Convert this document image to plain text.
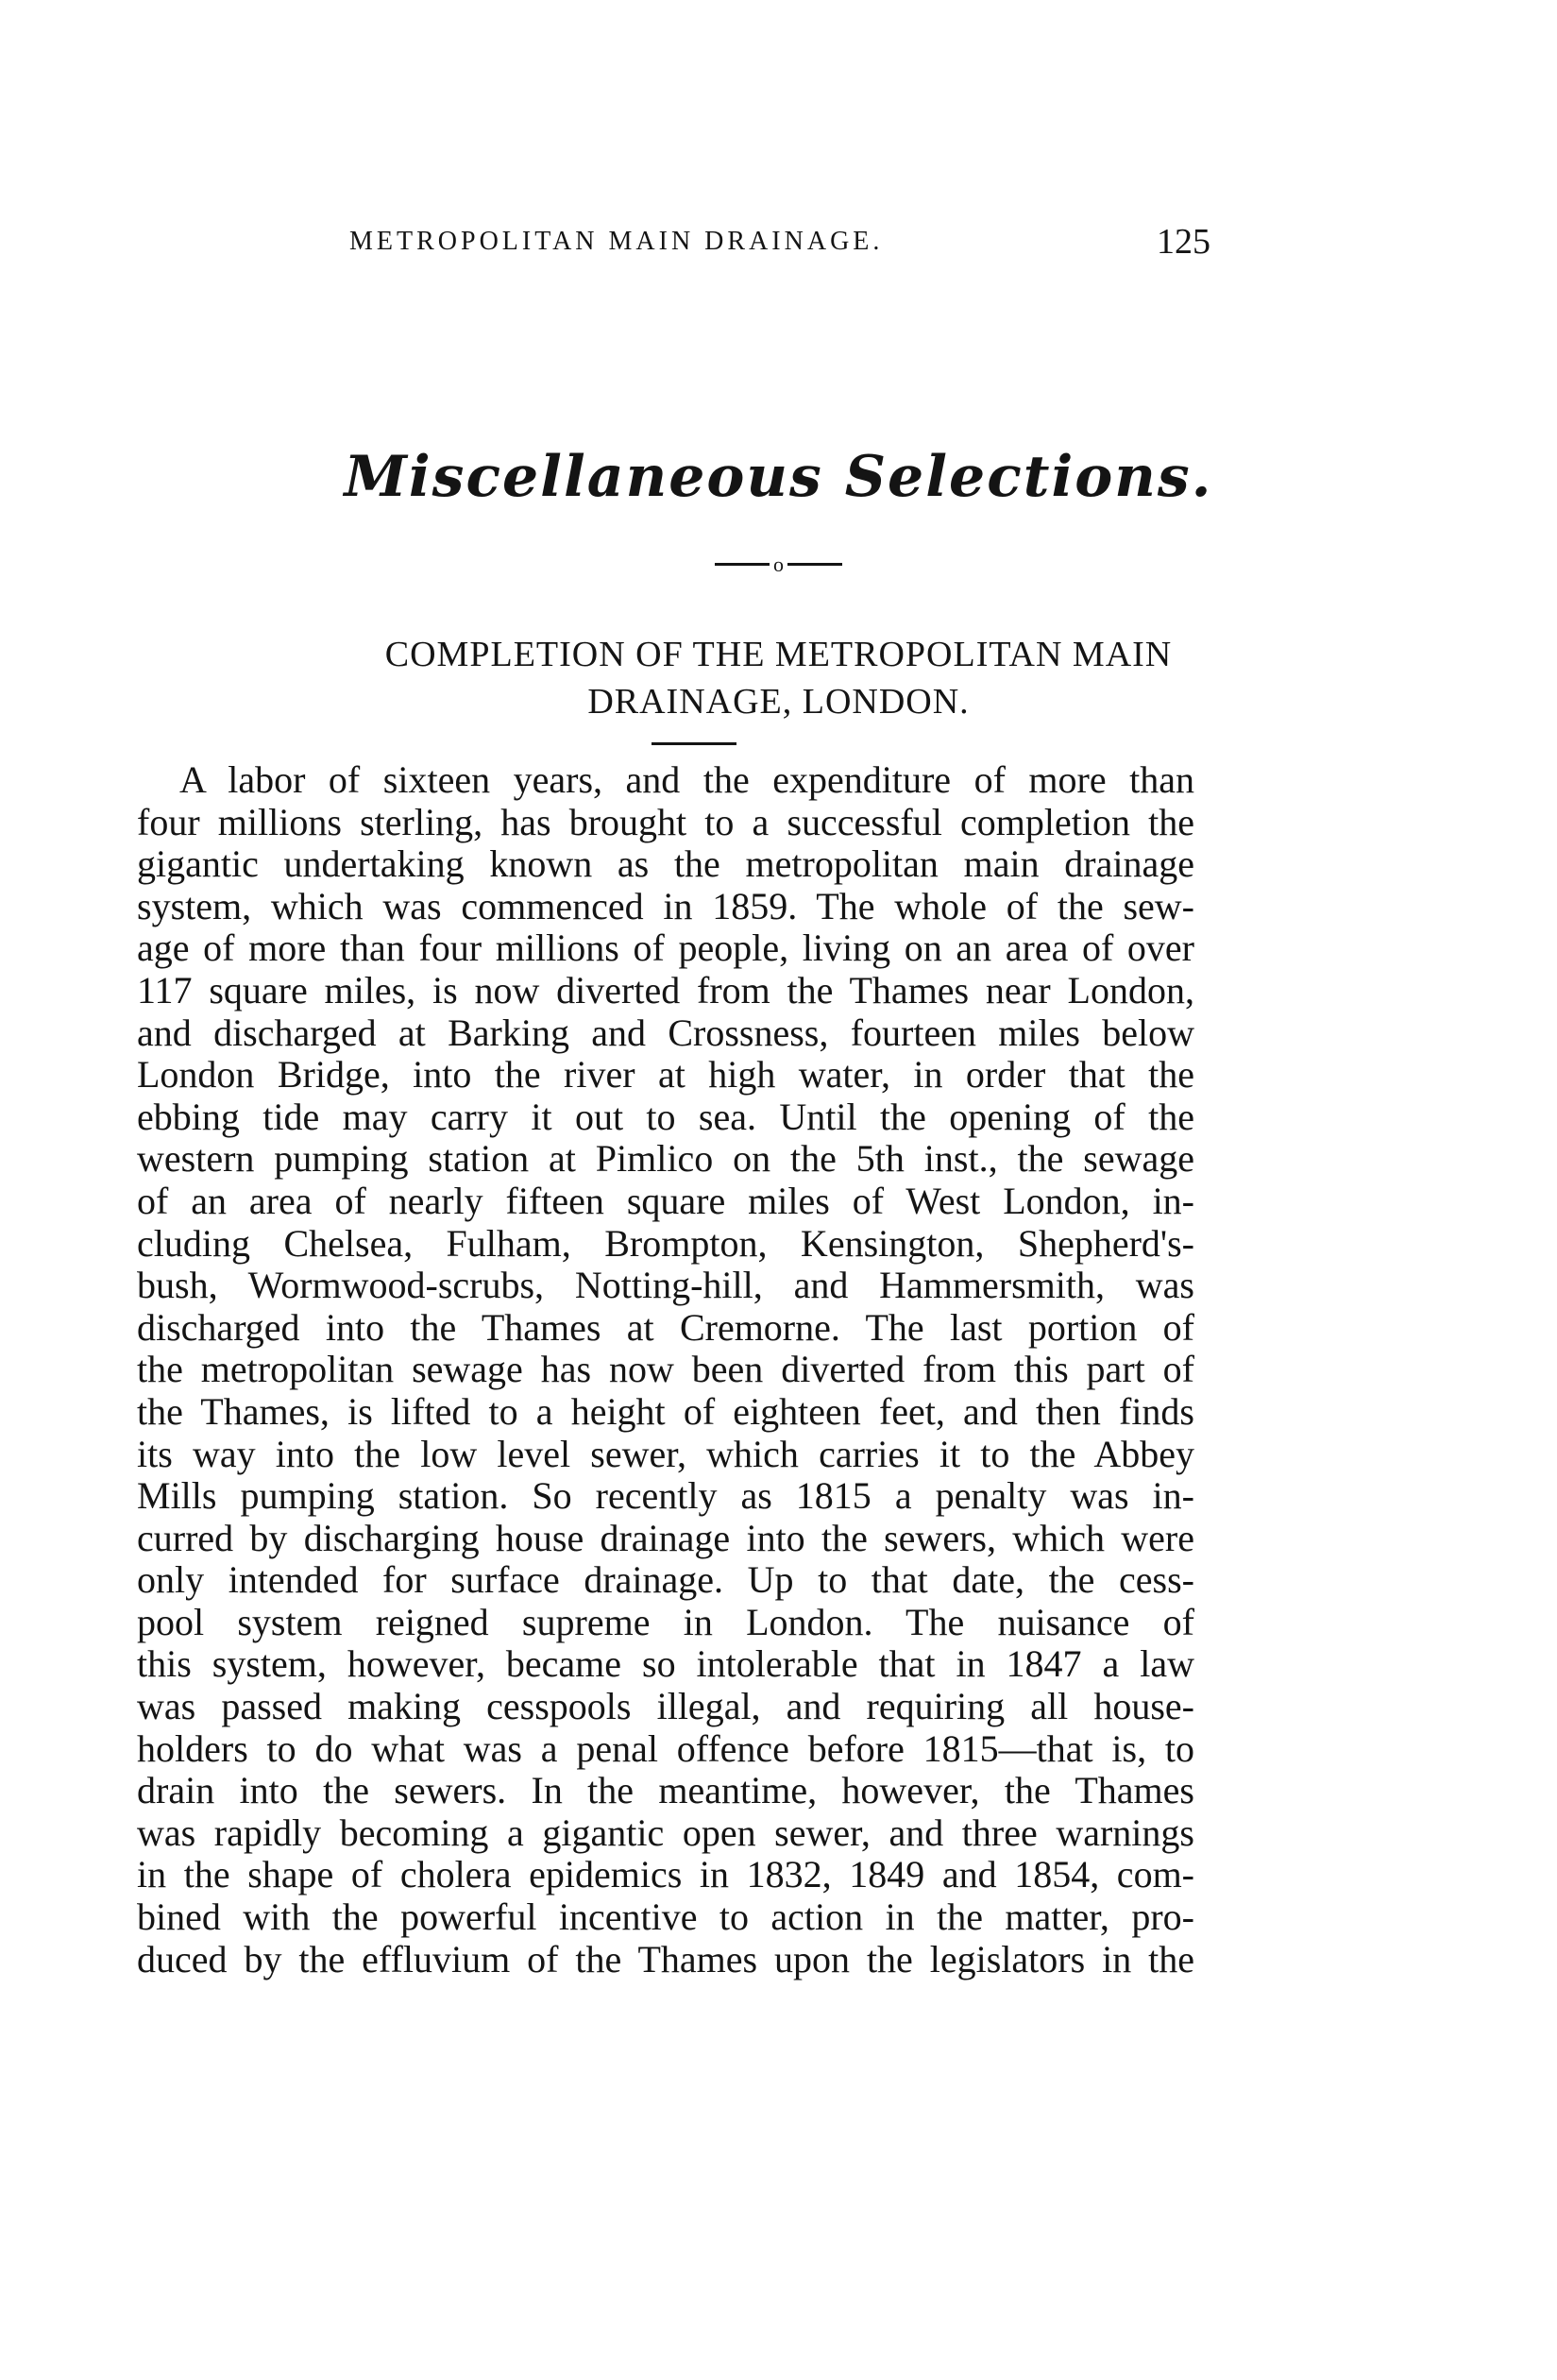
METROPOLITAN MAIN DRAINAGE.	125
Miscellaneous Selections.
o
COMPLETION OF THE METROPOLITAN MAIN
DRAINAGE, LONDON.
A labor of sixteen years, and the expenditure of more than
four millions sterling, has brought to a successful completion the
gigantic undertaking known as the metropolitan main drainage
system, which was commenced in 1859. The whole of the sew-
age of more than four millions of people, living on an area of over
117 square miles, is now diverted from the Thames near London,
and discharged at Barking and Crossness, fourteen miles below
London Bridge, into the river at high water, in order that the
ebbing tide may carry it out to sea. Until the opening of the
western pumping station at Pimlico on the 5th inst., the sewage
of an area of nearly fifteen square miles of West London, in-
cluding Chelsea, Fulham, Brompton, Kensington, Shepherd's-
bush, Wormwood-scrubs, Notting-hill, and Hammersmith, was
discharged into the Thames at Cremorne. The last portion of
the metropolitan sewage has now been diverted from this part of
the Thames, is lifted to a height of eighteen feet, and then finds
its way into the low level sewer, which carries it to the Abbey
Mills pumping station. So recently as 1815 a penalty was in-
curred by discharging house drainage into the sewers, which were
only intended for surface drainage. Up to that date, the cess-
pool system reigned supreme in London. The nuisance of
this system, however, became so intolerable that in 1847 a law
was passed making cesspools illegal, and requiring all house-
holders to do what was a penal offence before 1815—that is, to
drain into the sewers. In the meantime, however, the Thames
was rapidly becoming a gigantic open sewer, and three warnings
in the shape of cholera epidemics in 1832, 1849 and 1854, com-
bined with the powerful incentive to action in the matter, pro-
duced by the effluvium of the Thames upon the legislators in the
